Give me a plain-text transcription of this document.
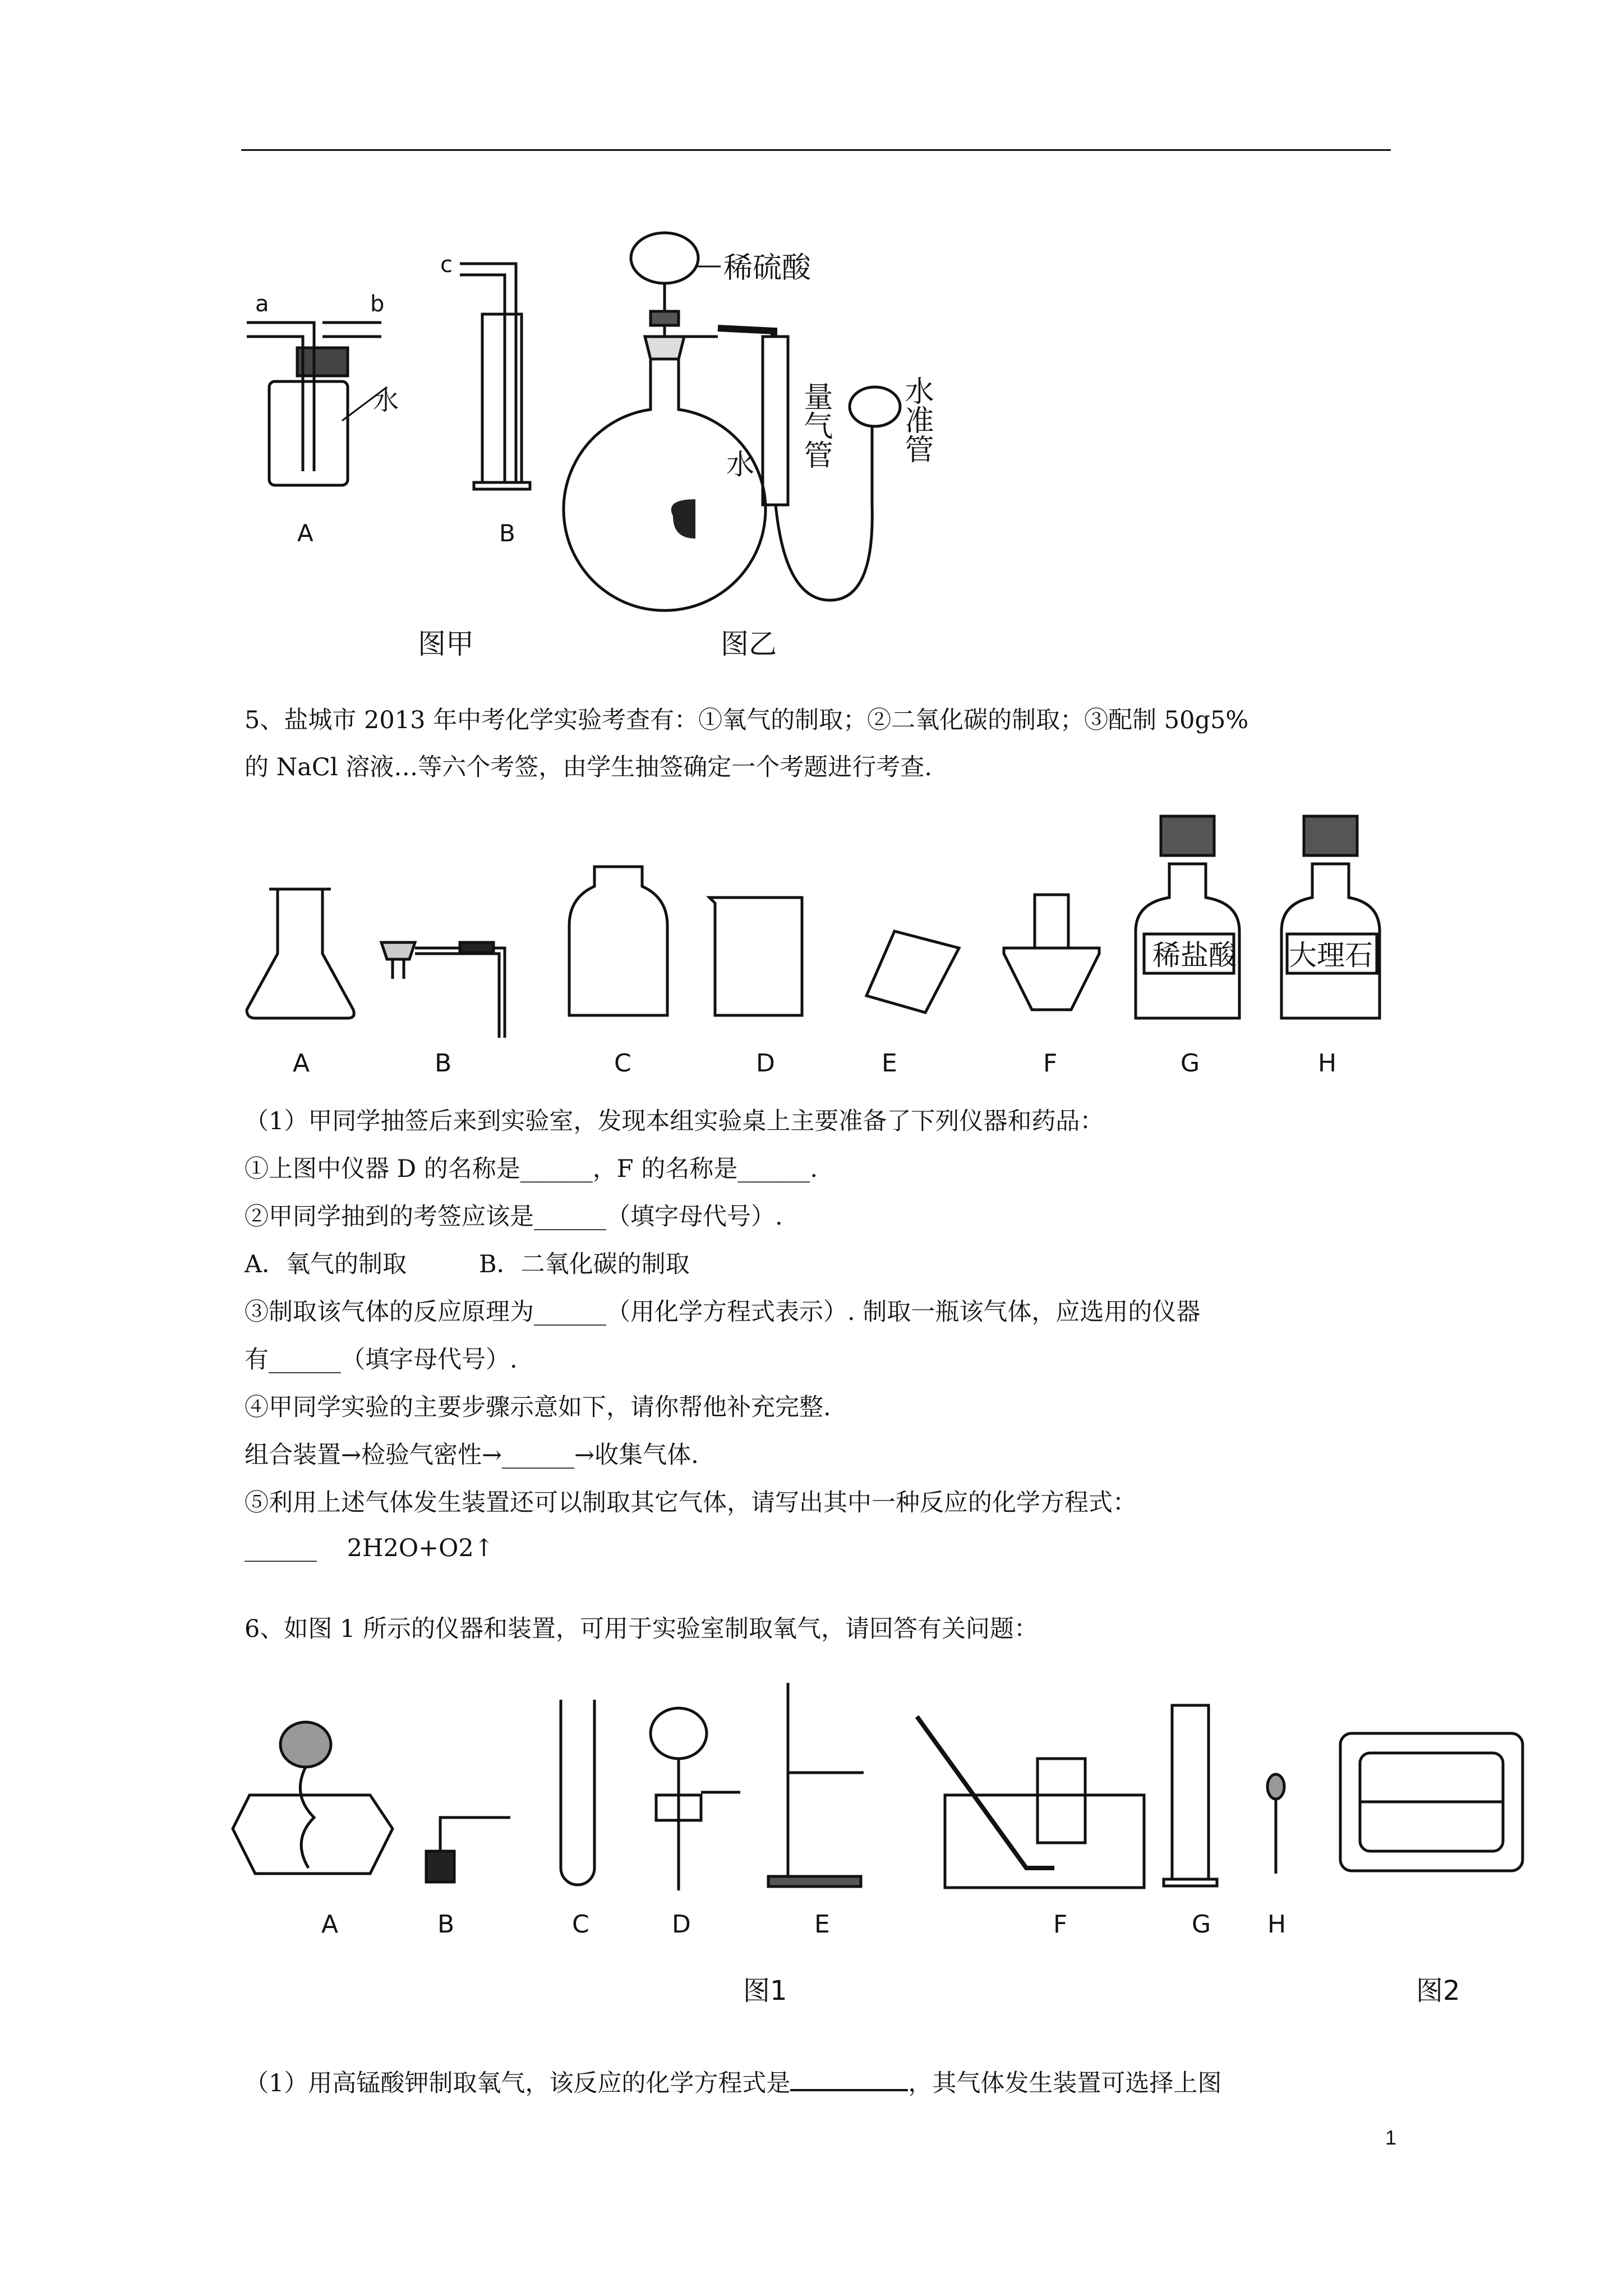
a	b
c
水
A	B
稀硫酸
水
图甲	图乙
量气管 水准管
5、盐城市 2013 年中考化学实验考查有：①氧气的制取；②二氧化碳的制取；③配制 50g5%
的 NaCl 溶液…等六个考签，由学生抽签确定一个考题进行考查.
稀盐酸 大理石
A	B	C	D	E	F	G	H
（1）甲同学抽签后来到实验室，发现本组实验桌上主要准备了下列仪器和药品：
①上图中仪器 D 的名称是______，F 的名称是______.
②甲同学抽到的考签应该是______（填字母代号）.
A．氧气的制取　　　B．二氧化碳的制取
③制取该气体的反应原理为______（用化学方程式表示）. 制取一瓶该气体，应选用的仪器
有______（填字母代号）.
④甲同学实验的主要步骤示意如下，请你帮他补充完整.
组合装置→检验气密性→______→收集气体.
⑤利用上述气体发生装置还可以制取其它气体，请写出其中一种反应的化学方程式：
______ 2H2O+O2↑
6、如图 1 所示的仪器和装置，可用于实验室制取氧气，请回答有关问题：
A	B	C	D	E	F	G H
图1	图2
（1）用高锰酸钾制取氧气，该反应的化学方程式是	，其气体发生装置可选择上图
1
